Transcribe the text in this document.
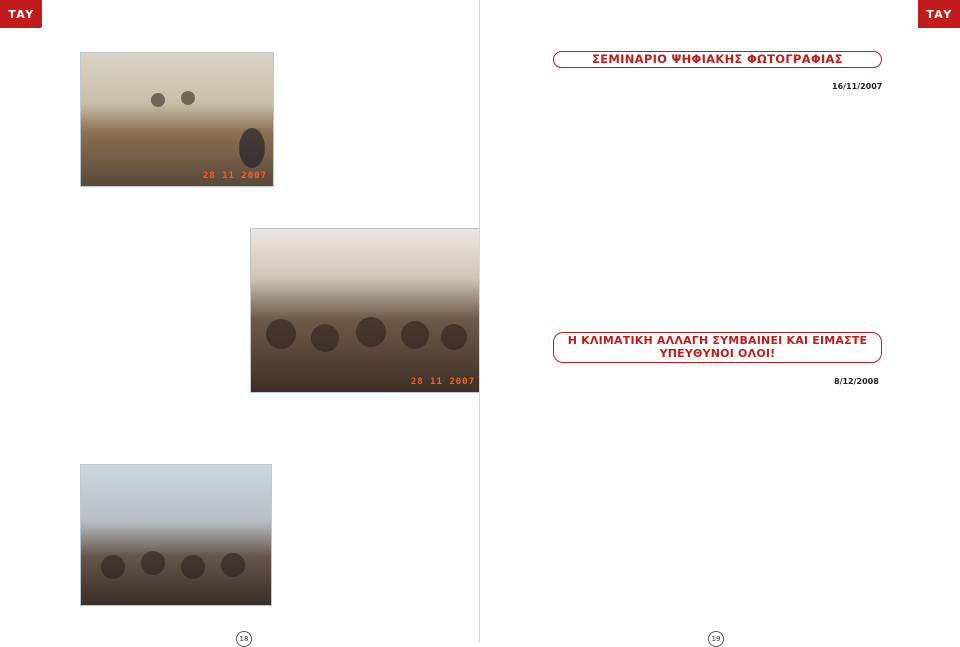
ΤΑΥ
28 11 2007
28 11 2007
18
ΤΑΥ
19
ΣΕΜΙΝΑΡΙΟ ΨΗΦΙΑΚΗΣ ΦΩΤΟΓΡΑΦΙΑΣ
16/11/2007
Η ΚΛΙΜΑΤΙΚΗ ΑΛΛΑΓΗ ΣΥΜΒΑΙΝΕΙ ΚΑΙ ΕΙΜΑΣΤΕ
ΥΠΕΥΘΥΝΟΙ ΟΛΟΙ!
8/12/2008
